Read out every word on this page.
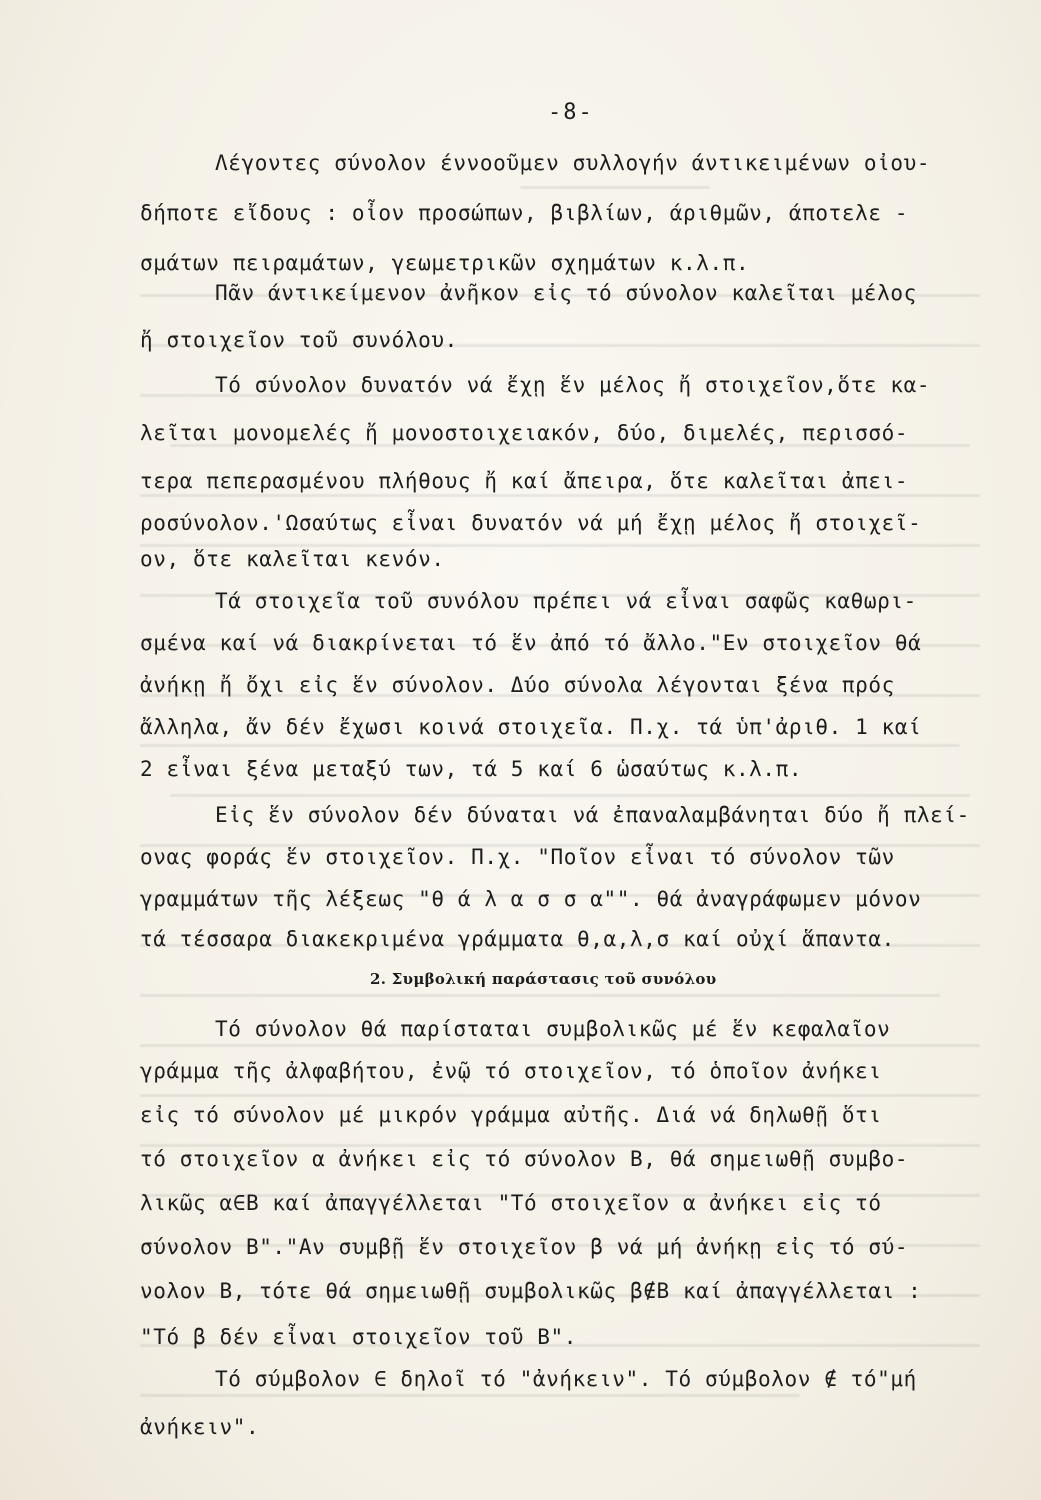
-8-
Λέγοντες σύνολον έννοοῦμεν συλλογήν άντικειμένων οἰου-
δήποτε εἴδους : οἶον προσώπων, βιβλίων, άριθμῶν, άποτελε -
σμάτων πειραμάτων, γεωμετρικῶν σχημάτων κ.λ.π.
Πᾶν άντικείμενον ἀνῆκον εἰς τό σύνολον καλεῖται μέλος
ἤ στοιχεῖον τοῦ συνόλου.
Τό σύνολον δυνατόν νά ἔχῃ ἕν μέλος ἤ στοιχεῖον,ὅτε κα-
λεῖται μονομελές ἤ μονοστοιχειακόν, δύο, διμελές, περισσό-
τερα πεπερασμένου πλήθους ἤ καί ἄπειρα, ὅτε καλεῖται ἀπει-
ροσύνολον.'Ωσαύτως εἶναι δυνατόν νά μή ἔχῃ μέλος ἤ στοιχεῖ-
ον, ὅτε καλεῖται κενόν.
Τά στοιχεῖα τοῦ συνόλου πρέπει νά εἶναι σαφῶς καθωρι-
σμένα καί νά διακρίνεται τό ἕν ἀπό τό ἄλλο."Εν στοιχεῖον θά
ἀνήκῃ ἤ ὄχι εἰς ἕν σύνολον. Δύο σύνολα λέγονται ξένα πρός
ἄλληλα, ἄν δέν ἔχωσι κοινά στοιχεῖα. Π.χ. τά ὑπ'ἀριθ. 1 καί
2 εἶναι ξένα μεταξύ των, τά 5 καί 6 ὡσαύτως κ.λ.π.
Εἰς ἕν σύνολον δέν δύναται νά ἐπαναλαμβάνηται δύο ἤ πλεί-
ονας φοράς ἕν στοιχεῖον. Π.χ. "Ποῖον εἶναι τό σύνολον τῶν
γραμμάτων τῆς λέξεως "θ ά λ α σ σ α"". θά ἀναγράφωμεν μόνον
τά τέσσαρα διακεκριμένα γράμματα θ,α,λ,σ καί οὐχί ἅπαντα.
2. Συμβολική παράστασις τοῦ συνόλου
Τό σύνολον θά παρίσταται συμβολικῶς μέ ἕν κεφαλαῖον
γράμμα τῆς ἀλφαβήτου, ἐνῷ τό στοιχεῖον, τό ὁποῖον ἀνήκει
εἰς τό σύνολον μέ μικρόν γράμμα αὐτῆς. Διά νά δηλωθῇ ὅτι
τό στοιχεῖον α ἀνήκει εἰς τό σύνολον Β, θά σημειωθῇ συμβο-
λικῶς α∈Β καί ἀπαγγέλλεται "Τό στοιχεῖον α ἀνήκει εἰς τό
σύνολον Β"."Αν συμβῇ ἕν στοιχεῖον β νά μή ἀνήκῃ εἰς τό σύ-
νολον Β, τότε θά σημειωθῇ συμβολικῶς β∉Β καί ἀπαγγέλλεται :
"Τό β δέν εἶναι στοιχεῖον τοῦ Β".
Τό σύμβολον ∈ δηλοῖ τό "ἀνήκειν". Τό σύμβολον ∉ τό"μή
ἀνήκειν".
